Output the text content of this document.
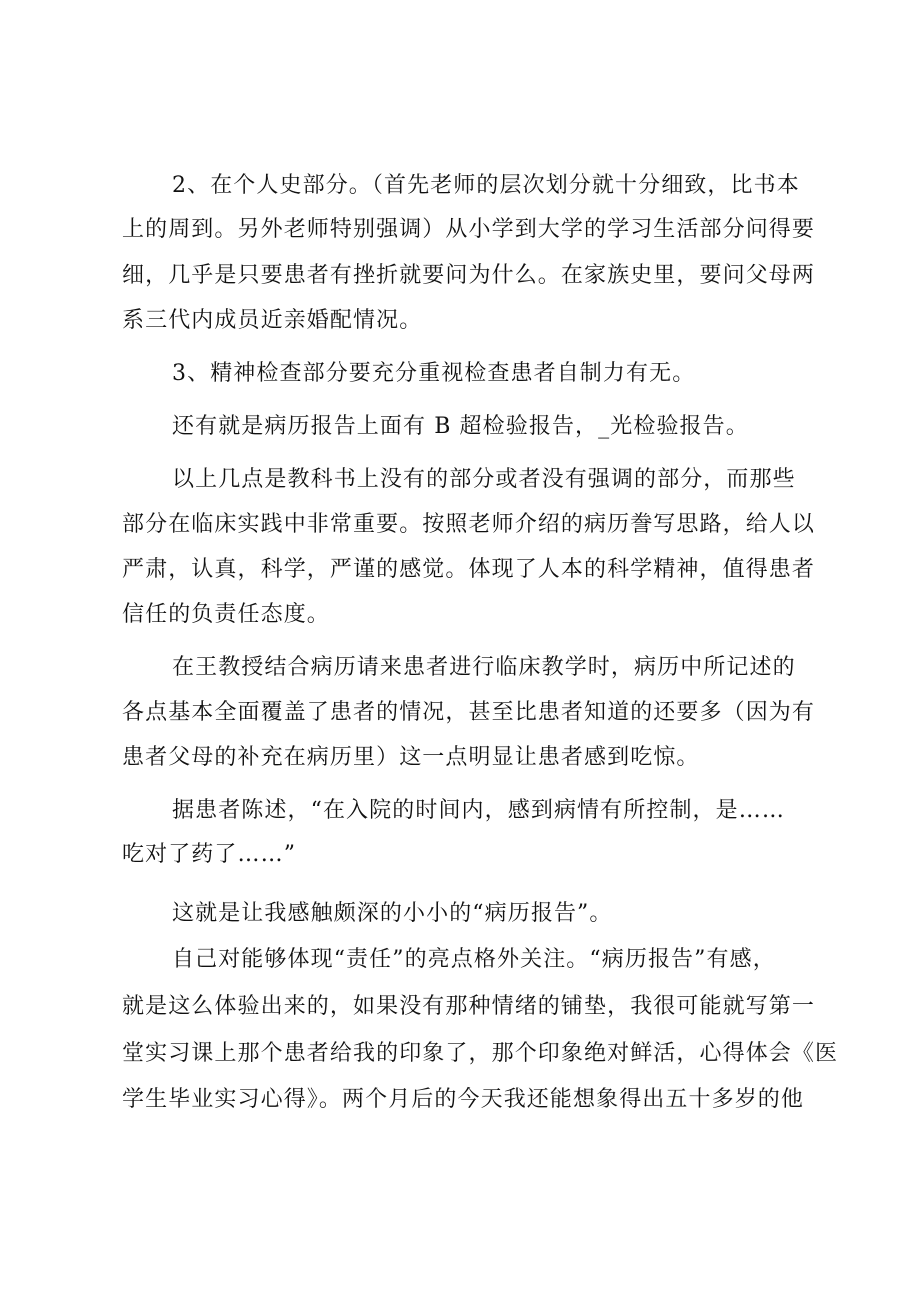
2、在个人史部分。（首先老师的层次划分就十分细致，比书本

上的周到。另外老师特别强调）从小学到大学的学习生活部分问得要

细，几乎是只要患者有挫折就要问为什么。在家族史里，要问父母两

系三代内成员近亲婚配情况。

3、精神检查部分要充分重视检查患者自制力有无。

还有就是病历报告上面有 B 超检验报告，_光检验报告。

以上几点是教科书上没有的部分或者没有强调的部分，而那些

部分在临床实践中非常重要。按照老师介绍的病历誊写思路，给人以

严肃，认真，科学，严谨的感觉。体现了人本的科学精神，值得患者

信任的负责任态度。

在王教授结合病历请来患者进行临床教学时，病历中所记述的

各点基本全面覆盖了患者的情况，甚至比患者知道的还要多（因为有

患者父母的补充在病历里）这一点明显让患者感到吃惊。

据患者陈述，“在入院的时间内，感到病情有所控制，是……

吃对了药了……”

这就是让我感触颇深的小小的“病历报告”。

自己对能够体现“责任”的亮点格外关注。“病历报告”有感，

就是这么体验出来的，如果没有那种情绪的铺垫，我很可能就写第一

堂实习课上那个患者给我的印象了，那个印象绝对鲜活，心得体会《医

学生毕业实习心得》。两个月后的今天我还能想象得出五十多岁的他
